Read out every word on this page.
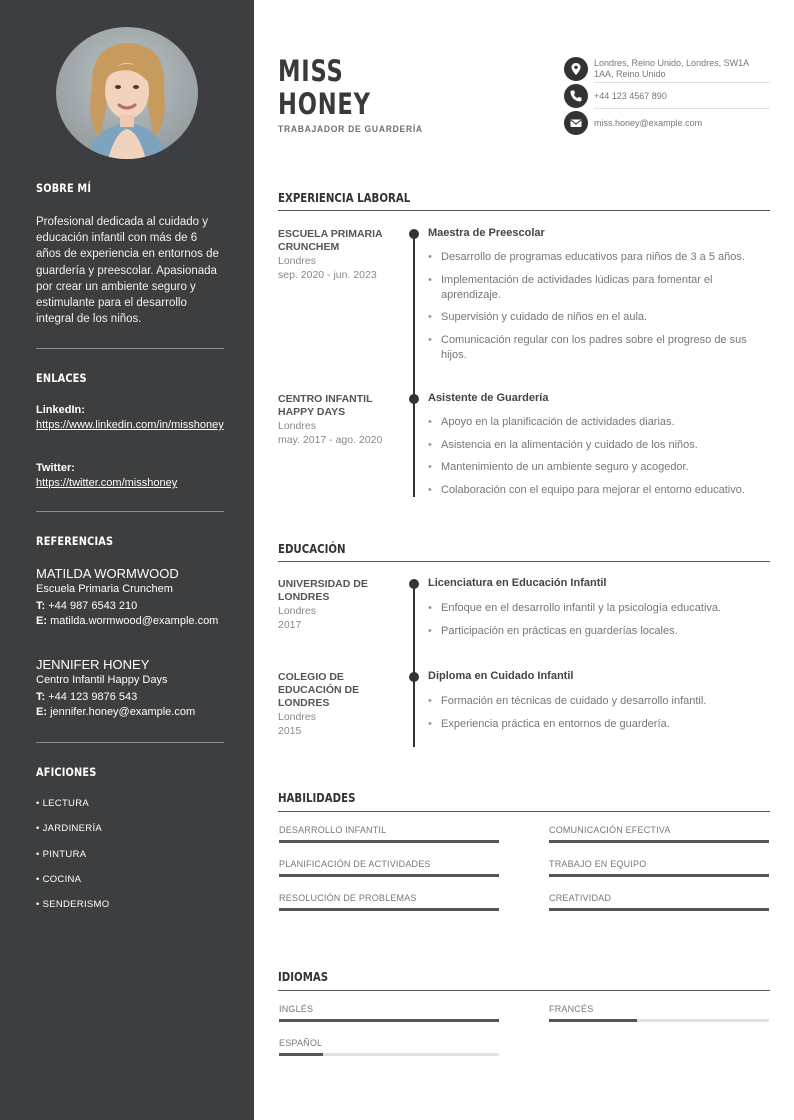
SOBRE MÍ

Profesional dedicada al cuidado y educación infantil con más de 6 años de experiencia en entornos de guardería y preescolar. Apasionada por crear un ambiente seguro y estimulante para el desarrollo integral de los niños.

ENLACES

LinkedIn:

https://www.linkedin.com/in/misshoney

Twitter:

https://twitter.com/misshoney

REFERENCIAS

MATILDA WORMWOOD

Escuela Primaria Crunchem

T: +44 987 6543 210

E: matilda.wormwood@example.com

JENNIFER HONEY

Centro Infantil Happy Days

T: +44 123 9876 543

E: jennifer.honey@example.com

AFICIONES

• LECTURA

• JARDINERÍA

• PINTURA

• COCINA

• SENDERISMO

MISS
HONEY

TRABAJADOR DE GUARDERÍA

Londres, Reino Unido, Londres, SW1A 1AA, Reino Unido
+44 123 4567 890
miss.honey@example.com
EXPERIENCIA LABORAL

ESCUELA PRIMARIA CRUNCHEM

Londres

sep. 2020 - jun. 2023

Maestra de Preescolar

• Desarrollo de programas educativos para niños de 3 a 5 años.
• Implementación de actividades lúdicas para fomentar el aprendizaje.
• Supervisión y cuidado de niños en el aula.
• Comunicación regular con los padres sobre el progreso de sus hijos.

CENTRO INFANTIL HAPPY DAYS

Londres

may. 2017 - ago. 2020

Asistente de Guardería

• Apoyo en la planificación de actividades diarias.
• Asistencia en la alimentación y cuidado de los niños.
• Mantenimiento de un ambiente seguro y acogedor.
• Colaboración con el equipo para mejorar el entorno educativo.
EDUCACIÓN

UNIVERSIDAD DE LONDRES

Londres

2017

Licenciatura en Educación Infantil

• Enfoque en el desarrollo infantil y la psicología educativa.
• Participación en prácticas en guarderías locales.

COLEGIO DE EDUCACIÓN DE LONDRES

Londres

2015

Diploma en Cuidado Infantil

• Formación en técnicas de cuidado y desarrollo infantil.
• Experiencia práctica en entornos de guardería.
HABILIDADES

DESARROLLO INFANTIL	COMUNICACIÓN EFECTIVA

PLANIFICACIÓN DE ACTIVIDADES	TRABAJO EN EQUIPO

RESOLUCIÓN DE PROBLEMAS	CREATIVIDAD

IDIOMAS

INGLÉS	FRANCÉS

ESPAÑOL
